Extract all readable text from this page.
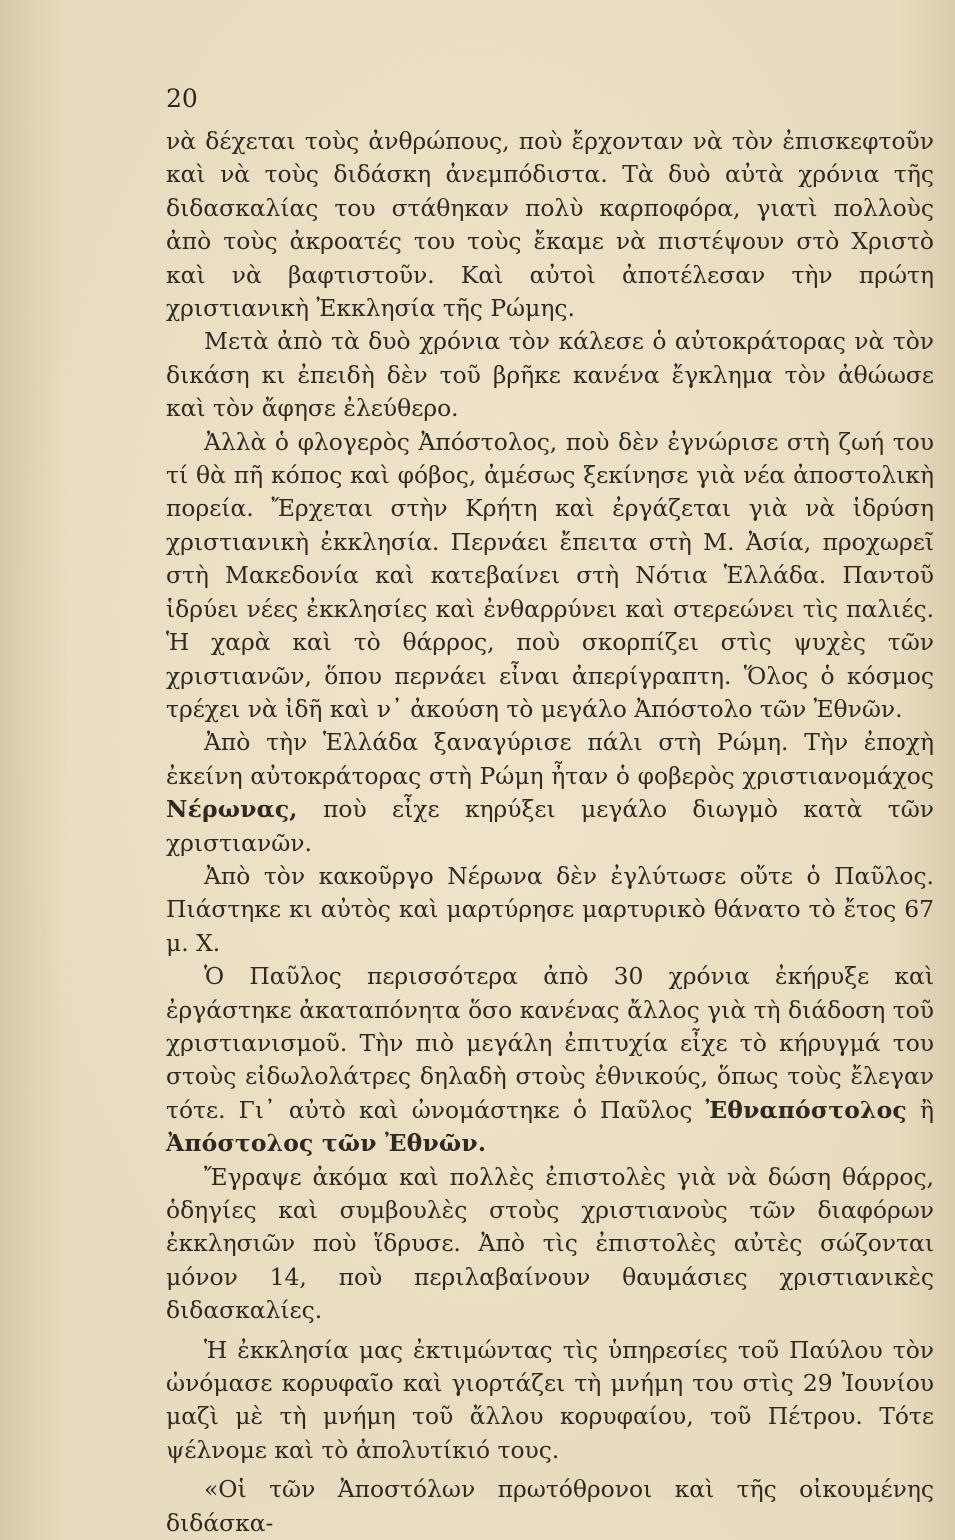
20

νὰ δέχεται τοὺς ἀνθρώπους, ποὺ ἔρχονταν νὰ τὸν ἐπισκεφτοῦν καὶ νὰ τοὺς διδάσκη ἀνεμπόδιστα. Τὰ δυὸ αὐτὰ χρόνια τῆς διδασκαλίας του στάθηκαν πολὺ καρποφόρα, γιατὶ πολλοὺς ἀπὸ τοὺς ἀκροατές του τοὺς ἔκαμε νὰ πιστέψουν στὸ Χριστὸ καὶ νὰ βαφτιστοῦν. Καὶ αὐτοὶ ἀποτέλεσαν τὴν πρώτη χριστιανικὴ Ἐκκλησία τῆς Ρώμης.

Μετὰ ἀπὸ τὰ δυὸ χρόνια τὸν κάλεσε ὁ αὐτοκράτορας νὰ τὸν δικάση κι ἐπειδὴ δὲν τοῦ βρῆκε κανένα ἔγκλημα τὸν ἀθώωσε καὶ τὸν ἄφησε ἐλεύθερο.

Ἀλλὰ ὁ φλογερὸς Ἀπόστολος, ποὺ δὲν ἐγνώρισε στὴ ζωή του τί θὰ πῆ κόπος καὶ φόβος, ἀμέσως ξεκίνησε γιὰ νέα ἀποστολικὴ πορεία. Ἔρχεται στὴν Κρήτη καὶ ἐργάζεται γιὰ νὰ ἱδρύση χριστιανικὴ ἐκκλησία. Περνάει ἔπειτα στὴ Μ. Ἀσία, προχωρεῖ στὴ Μακεδονία καὶ κατεβαίνει στὴ Νότια Ἑλλάδα. Παντοῦ ἱδρύει νέες ἐκκλησίες καὶ ἐνθαρρύνει καὶ στερεώνει τὶς παλιές. Ἡ χαρὰ καὶ τὸ θάρρος, ποὺ σκορπίζει στὶς ψυχὲς τῶν χριστιανῶν, ὅπου περνάει εἶναι ἀπερίγραπτη. Ὅλος ὁ κόσμος τρέχει νὰ ἰδῆ καὶ ν᾽ ἀκούση τὸ μεγάλο Ἀπόστολο τῶν Ἐθνῶν.

Ἀπὸ τὴν Ἑλλάδα ξαναγύρισε πάλι στὴ Ρώμη. Τὴν ἐποχὴ ἐκείνη αὐτοκράτορας στὴ Ρώμη ἦταν ὁ φοβερὸς χριστιανομάχος Νέρωνας, ποὺ εἶχε κηρύξει μεγάλο διωγμὸ κατὰ τῶν χριστιανῶν.

Ἀπὸ τὸν κακοῦργο Νέρωνα δὲν ἐγλύτωσε οὔτε ὁ Παῦλος. Πιάστηκε κι αὐτὸς καὶ μαρτύρησε μαρτυρικὸ θάνατο τὸ ἔτος 67 μ. Χ.

Ὁ Παῦλος περισσότερα ἀπὸ 30 χρόνια ἐκήρυξε καὶ ἐργάστηκε ἀκαταπόνητα ὅσο κανένας ἄλλος γιὰ τὴ διάδοση τοῦ χριστιανισμοῦ. Τὴν πιὸ μεγάλη ἐπιτυχία εἶχε τὸ κήρυγμά του στοὺς εἰδωλολάτρες δηλαδὴ στοὺς ἐθνικούς, ὅπως τοὺς ἔλεγαν τότε. Γι᾽ αὐτὸ καὶ ὠνομάστηκε ὁ Παῦλος Ἐθναπόστολος ἢ Ἀπόστολος τῶν Ἐθνῶν.

Ἔγραψε ἀκόμα καὶ πολλὲς ἐπιστολὲς γιὰ νὰ δώση θάρρος, ὁδηγίες καὶ συμβουλὲς στοὺς χριστιανοὺς τῶν διαφόρων ἐκκλησιῶν ποὺ ἵδρυσε. Ἀπὸ τὶς ἐπιστολὲς αὐτὲς σώζονται μόνον 14, ποὺ περιλαβαίνουν θαυμάσιες χριστιανικὲς διδασκαλίες.

Ἡ ἐκκλησία μας ἐκτιμώντας τὶς ὑπηρεσίες τοῦ Παύλου τὸν ὠνόμασε κορυφαῖο καὶ γιορτάζει τὴ μνήμη του στὶς 29 Ἰουνίου μαζὶ μὲ τὴ μνήμη τοῦ ἄλλου κορυφαίου, τοῦ Πέτρου. Τότε ψέλνομε καὶ τὸ ἀπολυτίκιό τους.

«Οἱ τῶν Ἀποστόλων πρωτόθρονοι καὶ τῆς οἰκουμένης διδάσκα-
